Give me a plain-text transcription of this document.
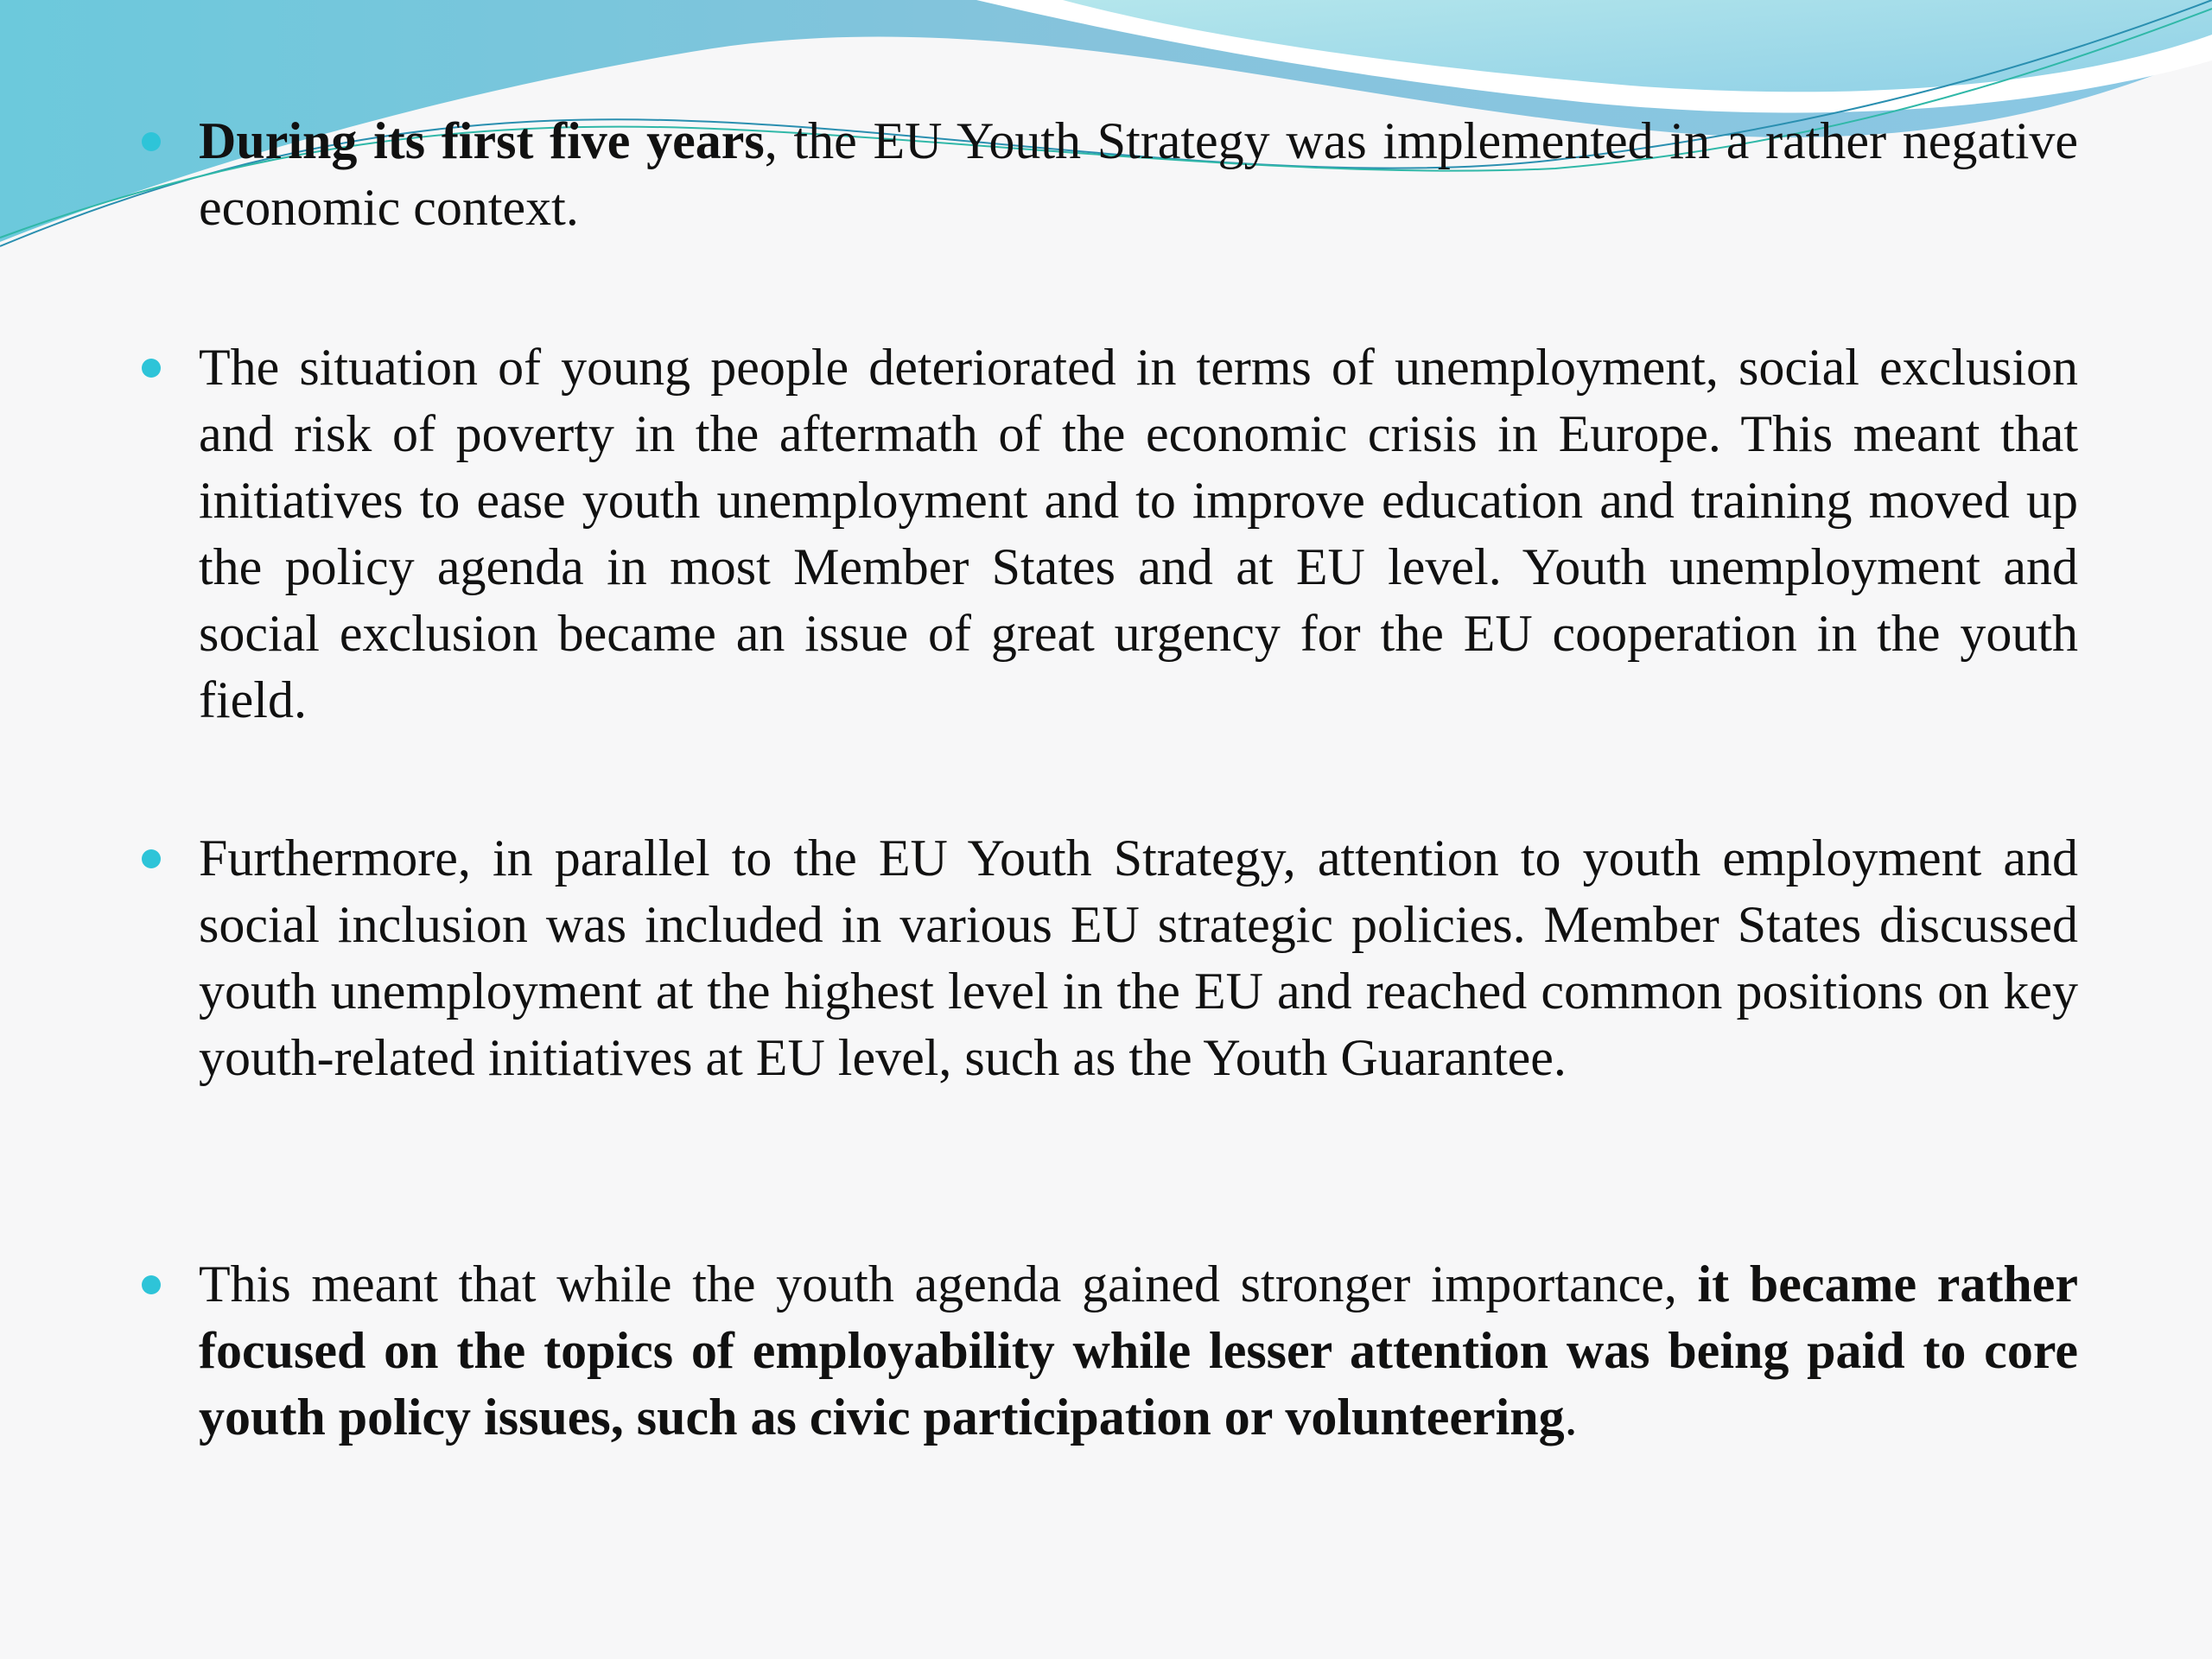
During its first five years, the EU Youth Strategy was implemented in a rather negative economic context.
The situation of young people deteriorated in terms of unemployment, social exclusion and risk of poverty in the aftermath of the economic crisis in Europe. This meant that initiatives to ease youth unemployment and to improve education and training moved up the policy agenda in most Member States and at EU level. Youth unemployment and social exclusion became an issue of great urgency for the EU cooperation in the youth field.
Furthermore, in parallel to the EU Youth Strategy, attention to youth employment and social inclusion was included in various EU strategic policies. Member States discussed youth unemployment at the highest level in the EU and reached common positions on key youth-related initiatives at EU level, such as the Youth Guarantee.
This meant that while the youth agenda gained stronger importance, it became rather focused on the topics of employability while lesser attention was being paid to core youth policy issues, such as civic participation or volunteering.
